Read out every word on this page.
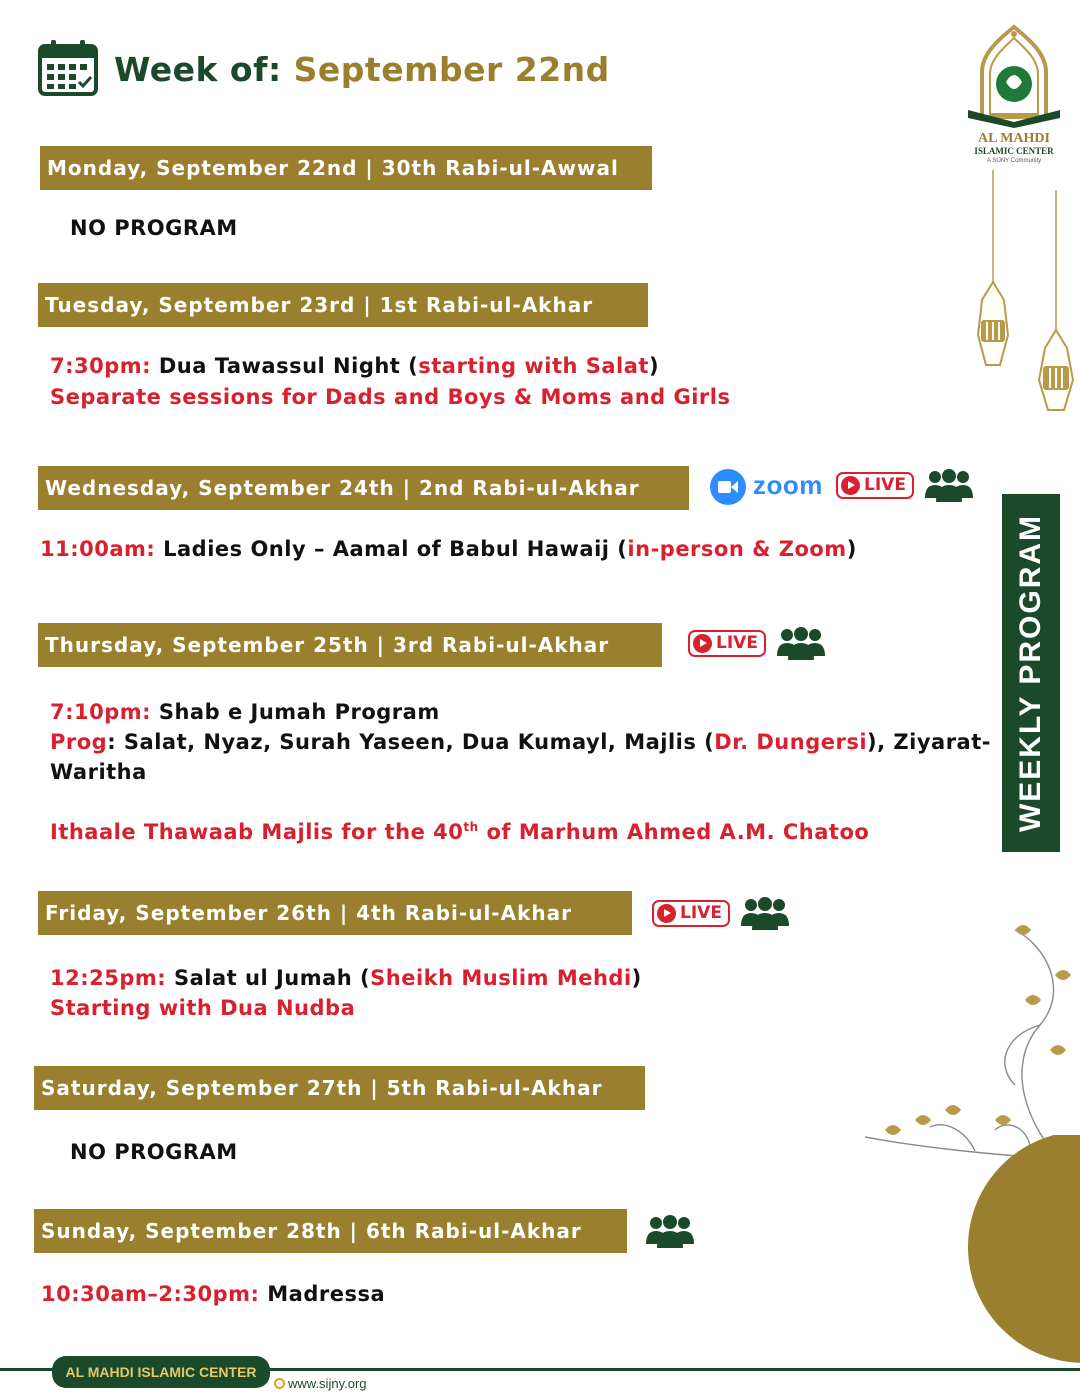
Week of: September 22nd
AL MAHDI
ISLAMIC CENTER
A SIJNY Community
WEEKLY PROGRAM
Monday, September 22nd | 30th Rabi-ul-Awwal
NO PROGRAM
Tuesday, September 23rd | 1st Rabi-ul-Akhar
7:30pm: Dua Tawassul Night (starting with Salat)
Separate sessions for Dads and Boys & Moms and Girls
Wednesday, September 24th | 2nd Rabi-ul-Akhar	zoom	LIVE
11:00am: Ladies Only – Aamal of Babul Hawaij (in-person & Zoom)
Thursday, September 25th | 3rd Rabi-ul-Akhar	LIVE
7:10pm: Shab e Jumah Program
Prog: Salat, Nyaz, Surah Yaseen, Dua Kumayl, Majlis (Dr. Dungersi), Ziyarat-
Waritha
Ithaale Thawaab Majlis for the 40th of Marhum Ahmed A.M. Chatoo
Friday, September 26th | 4th Rabi-ul-Akhar	LIVE
12:25pm: Salat ul Jumah (Sheikh Muslim Mehdi)
Starting with Dua Nudba
Saturday, September 27th | 5th Rabi-ul-Akhar
NO PROGRAM
Sunday, September 28th | 6th Rabi-ul-Akhar
10:30am–2:30pm: Madressa
AL MAHDI ISLAMIC CENTER
www.sijny.org
